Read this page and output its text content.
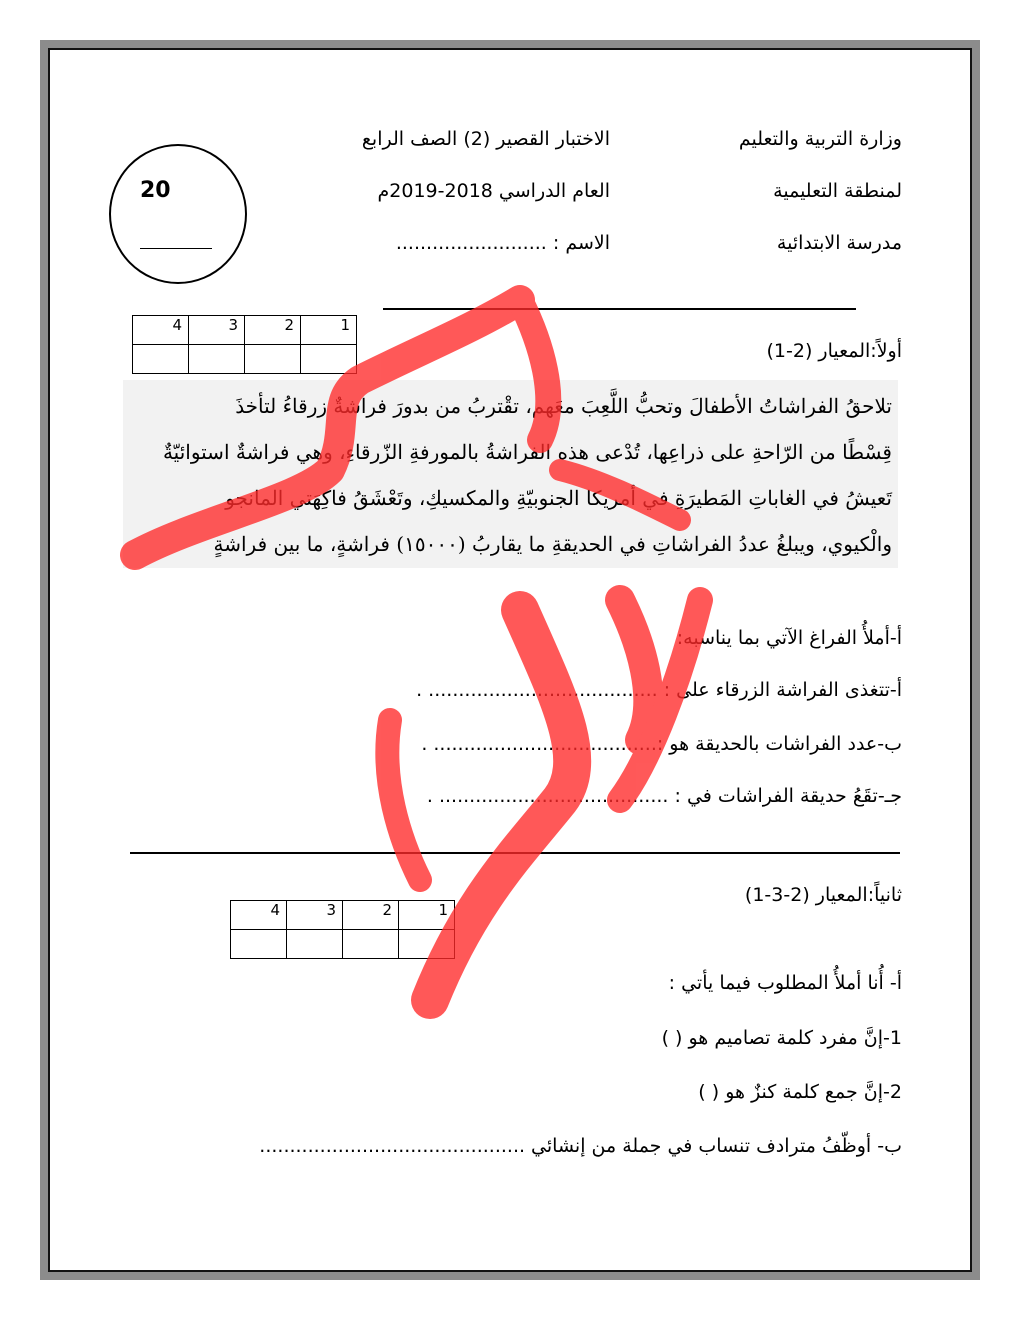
وزارة التربية والتعليم
لمنطقة التعليمية
مدرسة الابتدائية
الاختبار القصير (2) الصف الرابع
العام الدراسي 2018-2019م
الاسم : .........................
20
4	3	2	1

أولاً:المعيار (2-1)
تلاحقُ الفراشاتُ الأطفالَ وتحبُّ اللَّعِبَ معَهم، تقْتربُ من بدورَ فراشةٌ زرقاءُ لتأخذَ
قِسْطًا من الرّاحةِ على ذراعِها، تُدْعى هذه الفراشةُ بالمورفةِ الزّرقاءِ، وهي فراشةٌ استوائيّةٌ
تَعيشُ في الغاباتِ المَطيرَةِ في أمريكا الجنوبيّةِ والمكسيكِ، وتَعْشَقُ فاكِهَتي المانجو
والْكيوي، ويبلغُ عددُ الفراشاتِ في الحديقةِ ما يقاربُ (١٥٠٠٠) فراشةٍ، ما بين فراشةٍ
أ-أملأُ الفراغ الآتي بما يناسبه:
أ-تتغذى الفراشة الزرقاء على : ...................................... .
ب-عدد الفراشات بالحديقة هو :..................................... .
جـ-تقَعُ حديقة الفراشات في : ...................................... .
ثانياً:المعيار (2-3-1)
4	3	2	1

أ- أُنا أملأُ المطلوب فيما يأتي :
1-إنَّ مفرد كلمة تصاميم هو ( )
2-إنَّ جمع كلمة كنزٌ هو ( )
ب- أوظّفُ مترادف تنساب في جملة من إنشائي ............................................
